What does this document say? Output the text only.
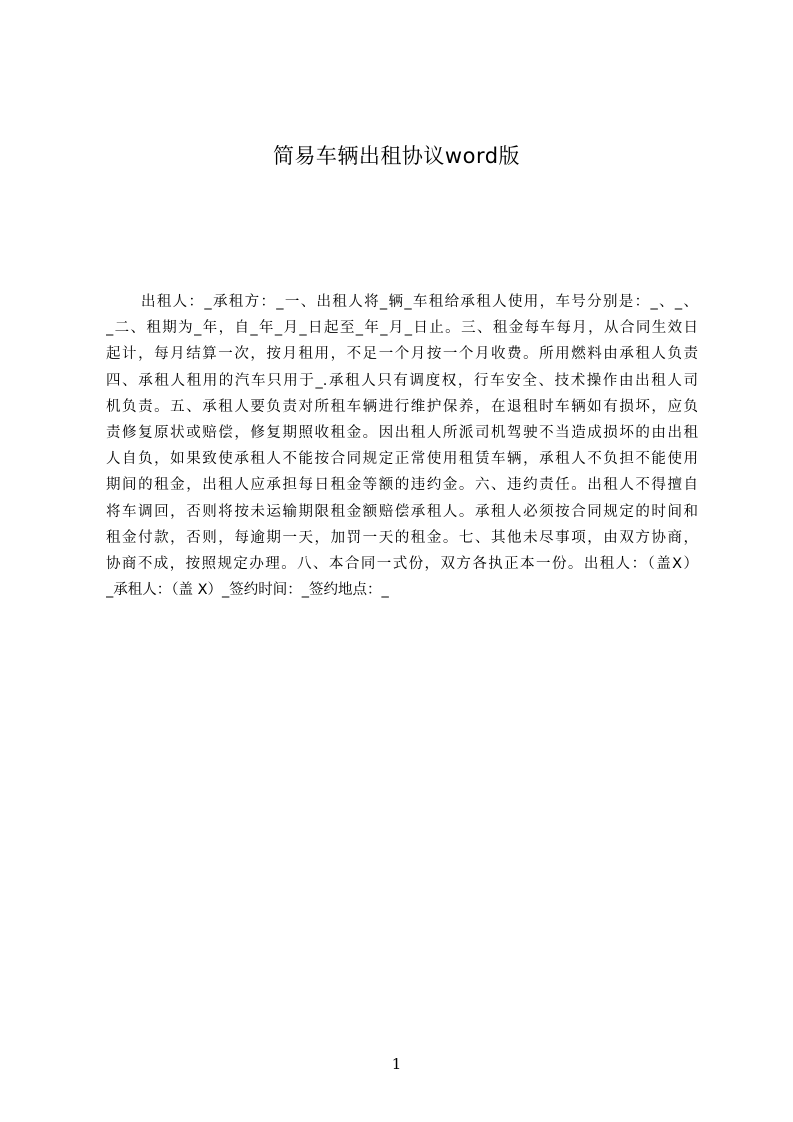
简易车辆出租协议word版
出租人：_承租方：_一、出租人将_辆_车租给承租人使用，车号分别是：_、_、
_二、租期为_年，自_年_月_日起至_年_月_日止。三、租金每车每月，从合同生效日
起计，每月结算一次，按月租用，不足一个月按一个月收费。所用燃料由承租人负责
四、承租人租用的汽车只用于_.承租人只有调度权，行车安全、技术操作由出租人司
机负责。五、承租人要负责对所租车辆进行维护保养，在退租时车辆如有损坏，应负
责修复原状或赔偿，修复期照收租金。因出租人所派司机驾驶不当造成损坏的由出租
人自负，如果致使承租人不能按合同规定正常使用租赁车辆，承租人不负担不能使用
期间的租金，出租人应承担每日租金等额的违约金。六、违约责任。出租人不得擅自
将车调回，否则将按未运输期限租金额赔偿承租人。承租人必须按合同规定的时间和
租金付款，否则，每逾期一天，加罚一天的租金。七、其他未尽事项，由双方协商，
协商不成，按照规定办理。八、本合同一式份，双方各执正本一份。出租人：（盖X）
_承租人：（盖 X）_签约时间：_签约地点：_
1
